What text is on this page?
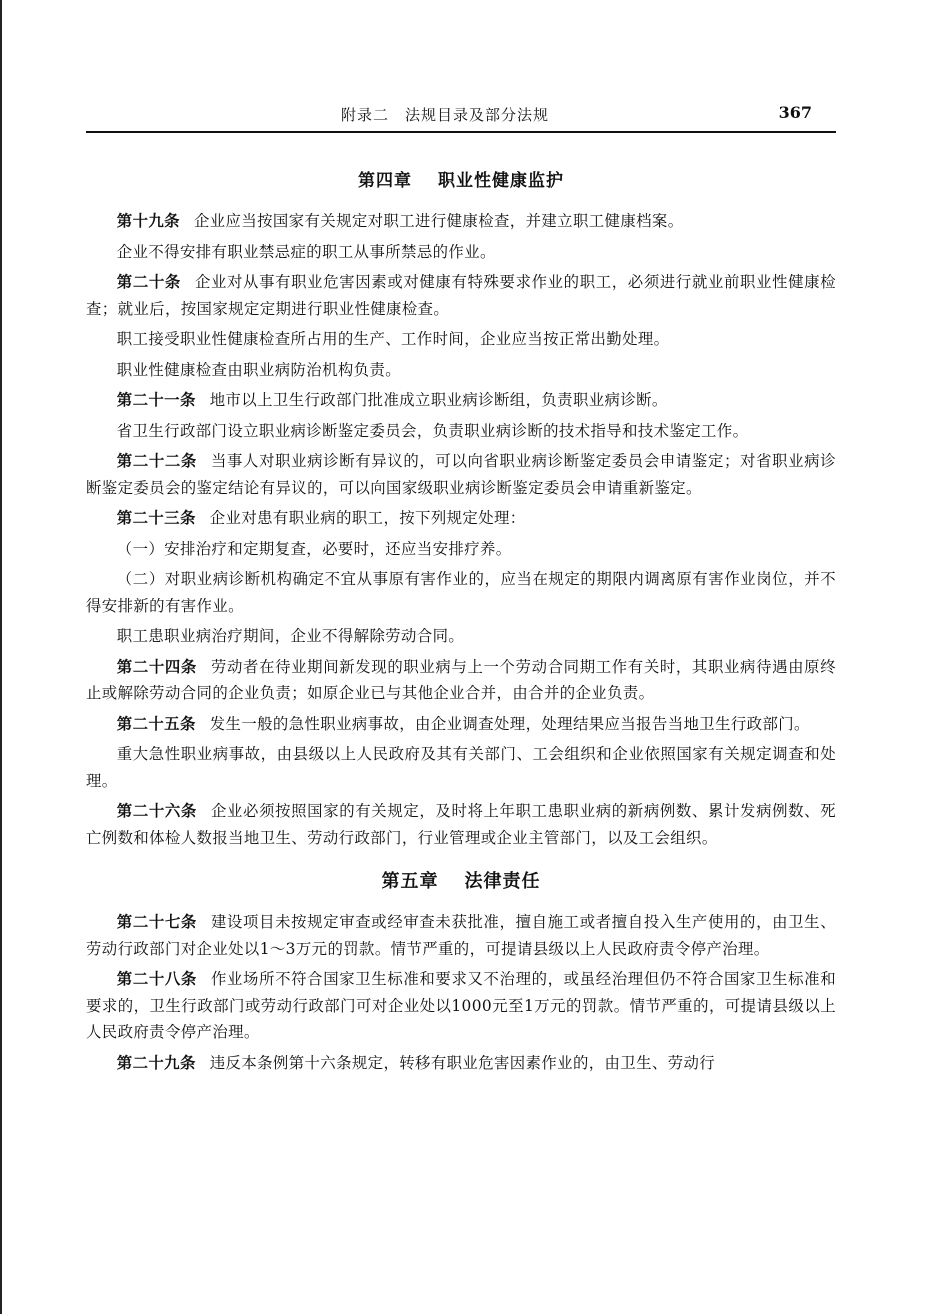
附录二　法规目录及部分法规	367
第四章 职业性健康监护

第十九条 企业应当按国家有关规定对职工进行健康检查，并建立职工健康档案。

企业不得安排有职业禁忌症的职工从事所禁忌的作业。

第二十条 企业对从事有职业危害因素或对健康有特殊要求作业的职工，必须进行就业前职业性健康检查；就业后，按国家规定定期进行职业性健康检查。

职工接受职业性健康检查所占用的生产、工作时间，企业应当按正常出勤处理。

职业性健康检查由职业病防治机构负责。

第二十一条 地市以上卫生行政部门批准成立职业病诊断组，负责职业病诊断。

省卫生行政部门设立职业病诊断鉴定委员会，负责职业病诊断的技术指导和技术鉴定工作。

第二十二条 当事人对职业病诊断有异议的，可以向省职业病诊断鉴定委员会申请鉴定；对省职业病诊断鉴定委员会的鉴定结论有异议的，可以向国家级职业病诊断鉴定委员会申请重新鉴定。

第二十三条 企业对患有职业病的职工，按下列规定处理：

（一）安排治疗和定期复查，必要时，还应当安排疗养。

（二）对职业病诊断机构确定不宜从事原有害作业的，应当在规定的期限内调离原有害作业岗位，并不得安排新的有害作业。

职工患职业病治疗期间，企业不得解除劳动合同。

第二十四条 劳动者在待业期间新发现的职业病与上一个劳动合同期工作有关时，其职业病待遇由原终止或解除劳动合同的企业负责；如原企业已与其他企业合并，由合并的企业负责。

第二十五条 发生一般的急性职业病事故，由企业调查处理，处理结果应当报告当地卫生行政部门。

重大急性职业病事故，由县级以上人民政府及其有关部门、工会组织和企业依照国家有关规定调查和处理。

第二十六条 企业必须按照国家的有关规定，及时将上年职工患职业病的新病例数、累计发病例数、死亡例数和体检人数报当地卫生、劳动行政部门，行业管理或企业主管部门，以及工会组织。

第五章 法律责任

第二十七条 建设项目未按规定审查或经审查未获批准，擅自施工或者擅自投入生产使用的，由卫生、劳动行政部门对企业处以1～3万元的罚款。情节严重的，可提请县级以上人民政府责令停产治理。

第二十八条 作业场所不符合国家卫生标准和要求又不治理的，或虽经治理但仍不符合国家卫生标准和要求的，卫生行政部门或劳动行政部门可对企业处以1000元至1万元的罚款。情节严重的，可提请县级以上人民政府责令停产治理。

第二十九条 违反本条例第十六条规定，转移有职业危害因素作业的，由卫生、劳动行
